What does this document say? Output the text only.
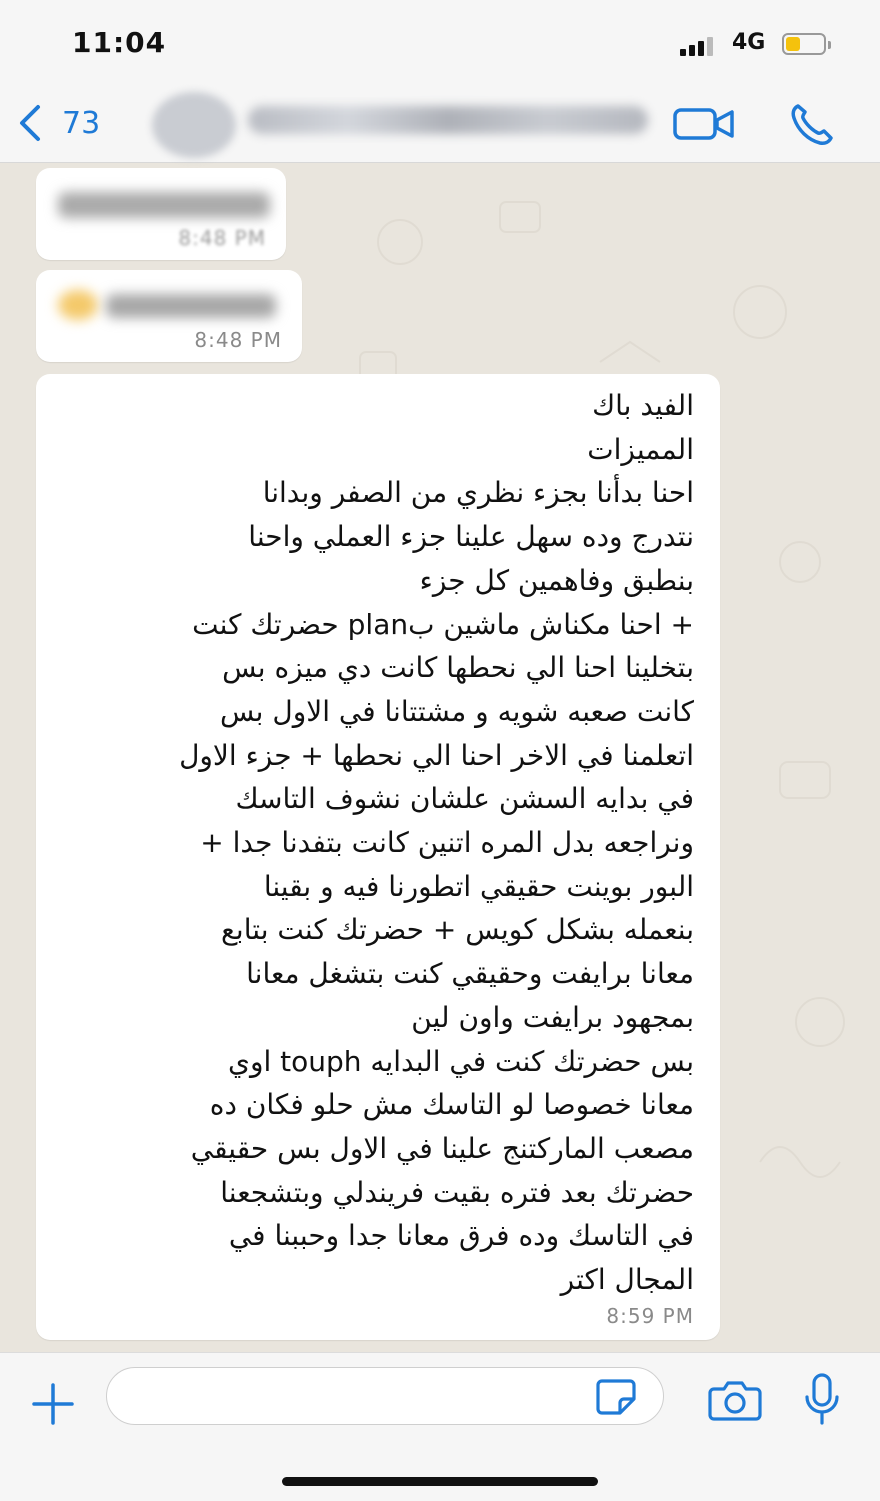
11:04	4G
73
8:48 PM
8:48 PM
الفيد باك
المميزات
احنا بدأنا بجزء نظري من الصفر وبدانا
نتدرج وده سهل علينا جزء العملي واحنا
بنطبق وفاهمين كل جزء
+ احنا مكناش ماشين بplan حضرتك كنت
بتخلينا احنا الي نحطها كانت دي ميزه بس
كانت صعبه شويه و مشتتانا في الاول بس
اتعلمنا في الاخر احنا الي نحطها + جزء الاول
في بدايه السشن علشان نشوف التاسك
ونراجعه بدل المره اتنين كانت بتفدنا جدا +
البور بوينت حقيقي اتطورنا فيه و بقينا
بنعمله بشكل كويس + حضرتك كنت بتابع
معانا برايفت وحقيقي كنت بتشغل معانا
بمجهود برايفت واون لين
بس حضرتك كنت في البدايه touph اوي
معانا خصوصا لو التاسك مش حلو فكان ده
مصعب الماركتنج علينا في الاول بس حقيقي
حضرتك بعد فتره بقيت فريندلي وبتشجعنا
في التاسك وده فرق معانا جدا وحببنا في
المجال اكتر
8:59 PM
